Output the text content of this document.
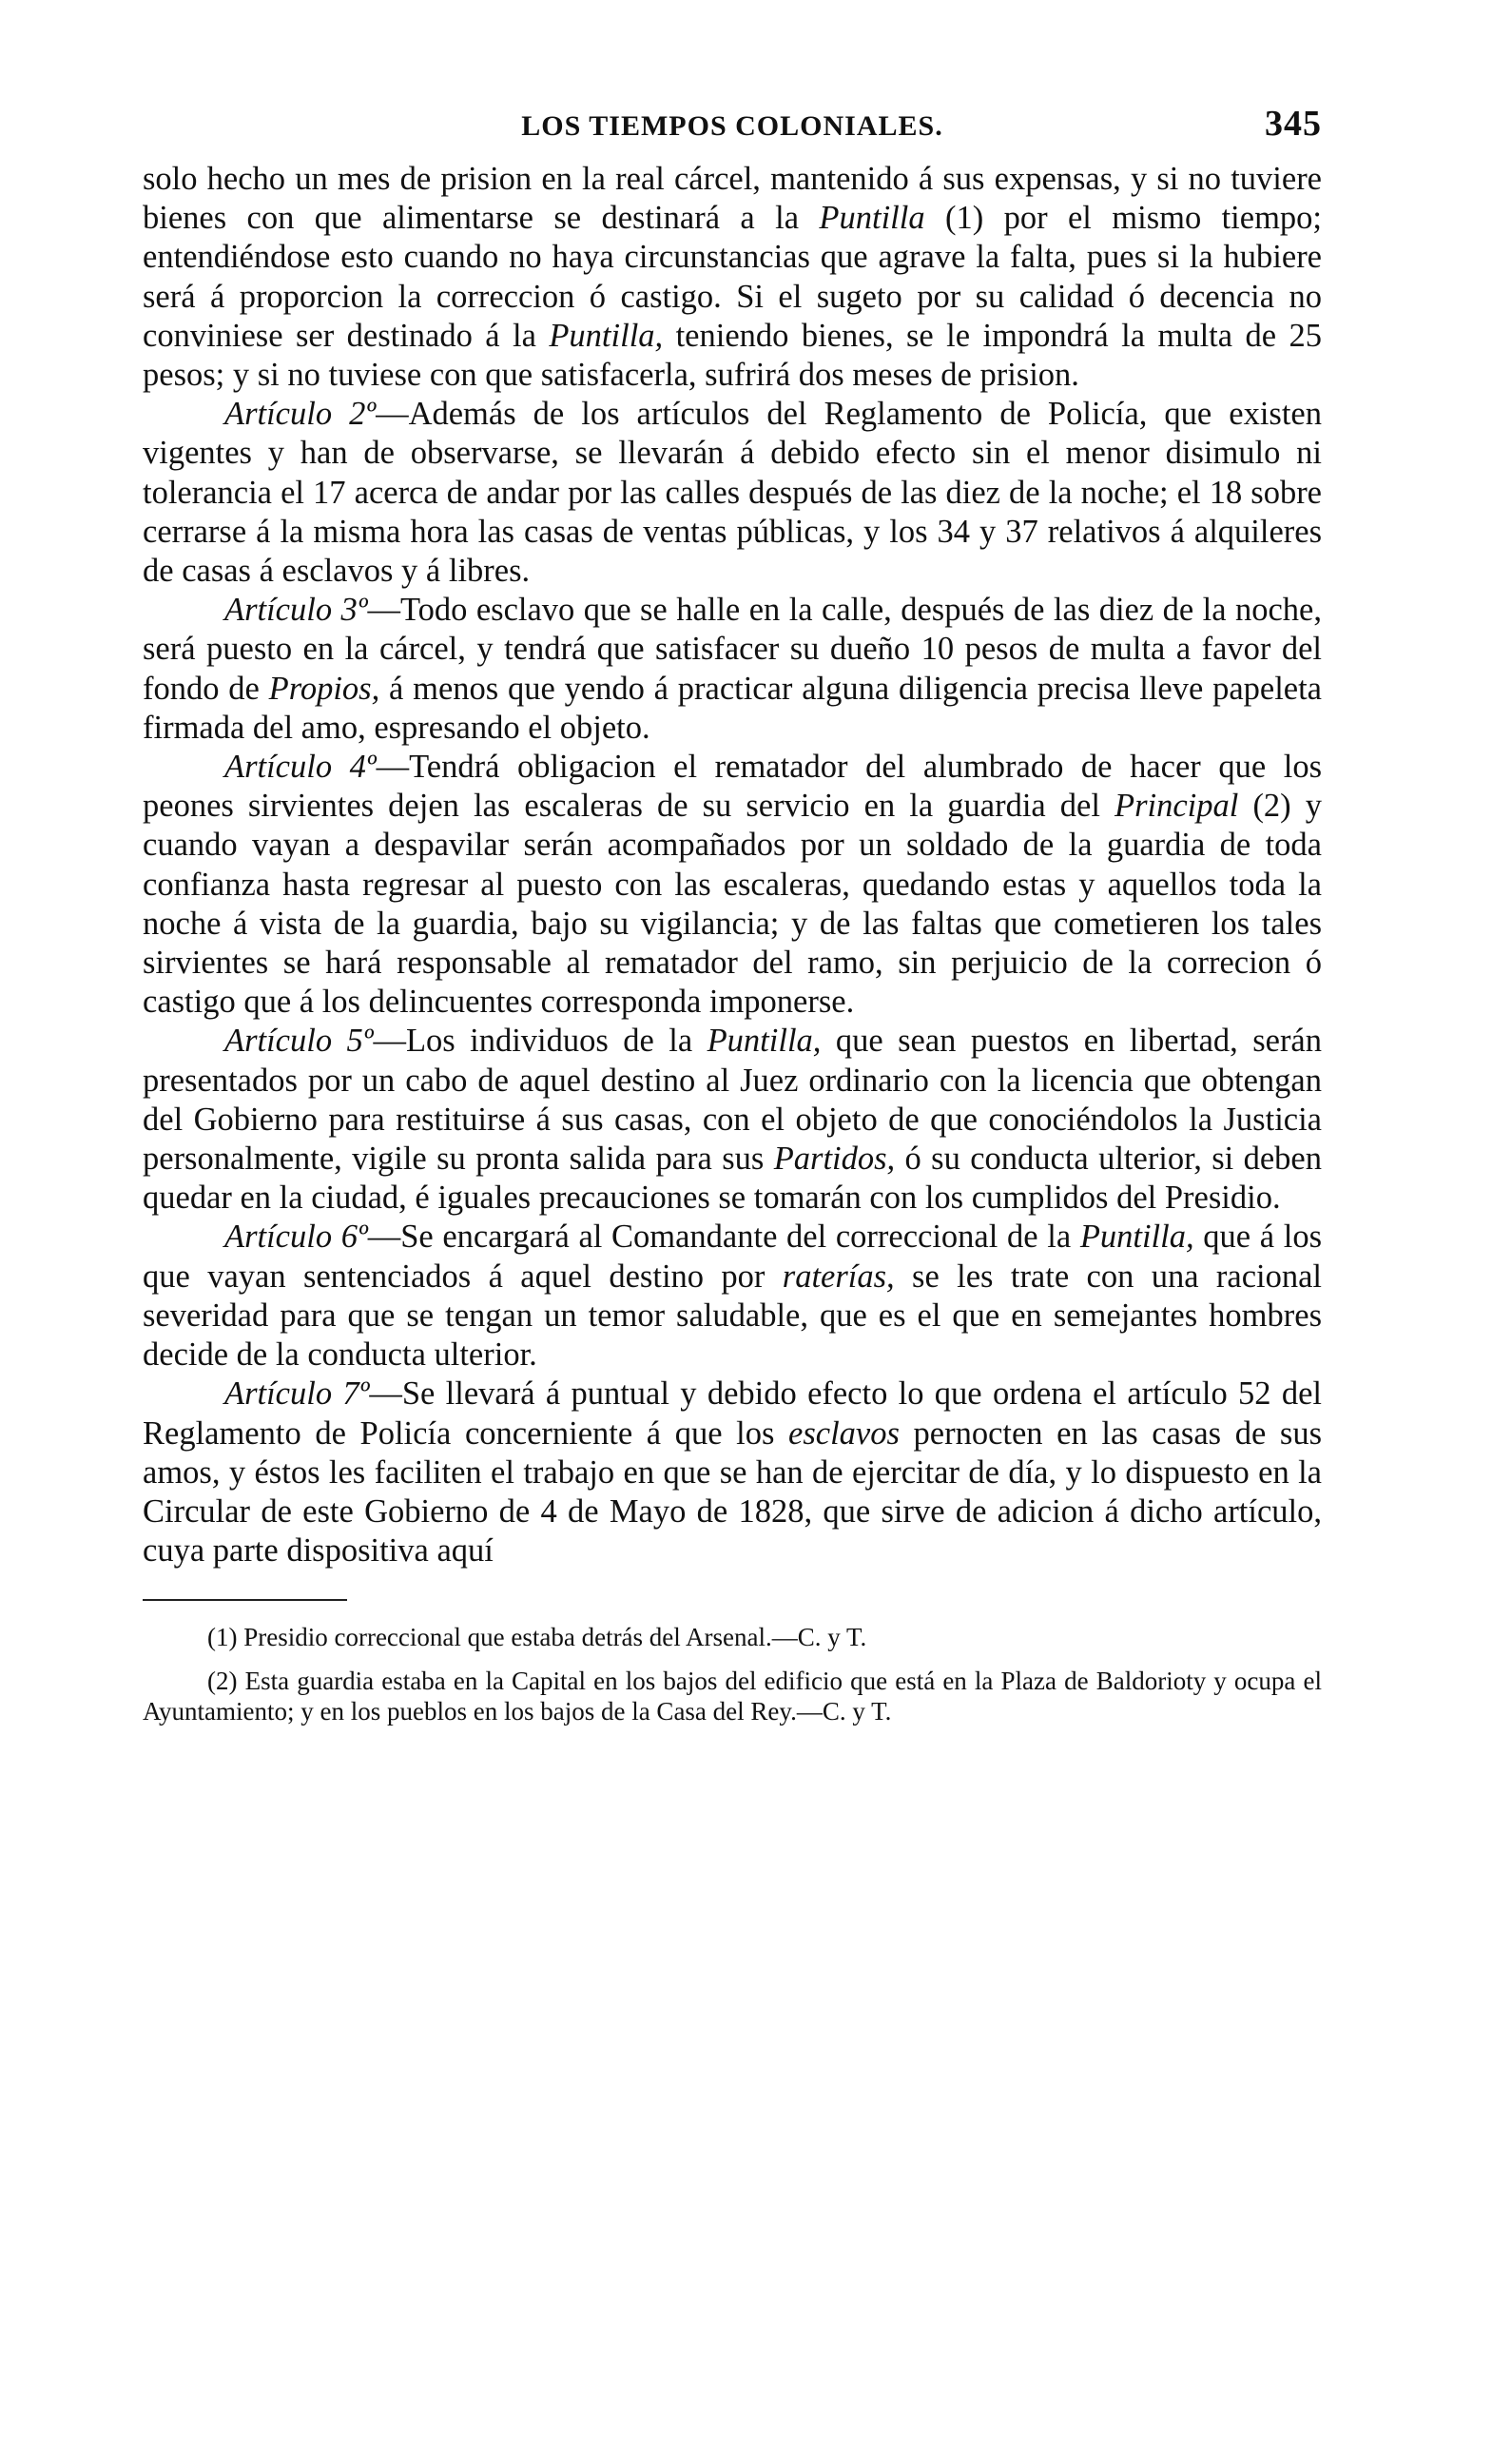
LOS TIEMPOS COLONIALES.	345

solo hecho un mes de prision en la real cárcel, mantenido á sus expensas, y si no tuviere bienes con que alimentarse se destinará a la Puntilla (1) por el mismo tiempo; entendiéndose esto cuando no haya circunstancias que agrave la falta, pues si la hubiere será á proporcion la correccion ó castigo. Si el sugeto por su calidad ó decencia no conviniese ser destinado á la Puntilla, teniendo bienes, se le impondrá la multa de 25 pesos; y si no tuviese con que satisfacerla, sufrirá dos meses de prision.

Artículo 2º—Además de los artículos del Reglamento de Policía, que existen vigentes y han de observarse, se llevarán á debido efecto sin el menor disimulo ni tolerancia el 17 acerca de andar por las calles después de las diez de la noche; el 18 sobre cerrarse á la misma hora las casas de ventas públicas, y los 34 y 37 relativos á alquileres de casas á esclavos y á libres.

Artículo 3º—Todo esclavo que se halle en la calle, después de las diez de la noche, será puesto en la cárcel, y tendrá que satisfacer su dueño 10 pesos de multa a favor del fondo de Propios, á menos que yendo á practicar alguna diligencia precisa lleve papeleta firmada del amo, espresando el objeto.

Artículo 4º—Tendrá obligacion el rematador del alumbrado de hacer que los peones sirvientes dejen las escaleras de su servicio en la guardia del Principal (2) y cuando vayan a despavilar serán acompañados por un soldado de la guardia de toda confianza hasta regresar al puesto con las escaleras, quedando estas y aquellos toda la noche á vista de la guardia, bajo su vigilancia; y de las faltas que cometieren los tales sirvientes se hará responsable al rematador del ramo, sin perjuicio de la correcion ó castigo que á los delincuentes corresponda imponerse.

Artículo 5º—Los individuos de la Puntilla, que sean puestos en libertad, serán presentados por un cabo de aquel destino al Juez ordinario con la licencia que obtengan del Gobierno para restituirse á sus casas, con el objeto de que conociéndolos la Justicia personalmente, vigile su pronta salida para sus Partidos, ó su conducta ulterior, si deben quedar en la ciudad, é iguales precauciones se tomarán con los cumplidos del Presidio.

Artículo 6º—Se encargará al Comandante del correccional de la Puntilla, que á los que vayan sentenciados á aquel destino por raterías, se les trate con una racional severidad para que se tengan un temor saludable, que es el que en semejantes hombres decide de la conducta ulterior.

Artículo 7º—Se llevará á puntual y debido efecto lo que ordena el artículo 52 del Reglamento de Policía concerniente á que los esclavos pernocten en las casas de sus amos, y éstos les faciliten el trabajo en que se han de ejercitar de día, y lo dispuesto en la Circular de este Gobierno de 4 de Mayo de 1828, que sirve de adicion á dicho artículo, cuya parte dispositiva aquí

(1) Presidio correccional que estaba detrás del Arsenal.—C. y T.

(2) Esta guardia estaba en la Capital en los bajos del edificio que está en la Plaza de Baldorioty y ocupa el Ayuntamiento; y en los pueblos en los bajos de la Casa del Rey.—C. y T.
